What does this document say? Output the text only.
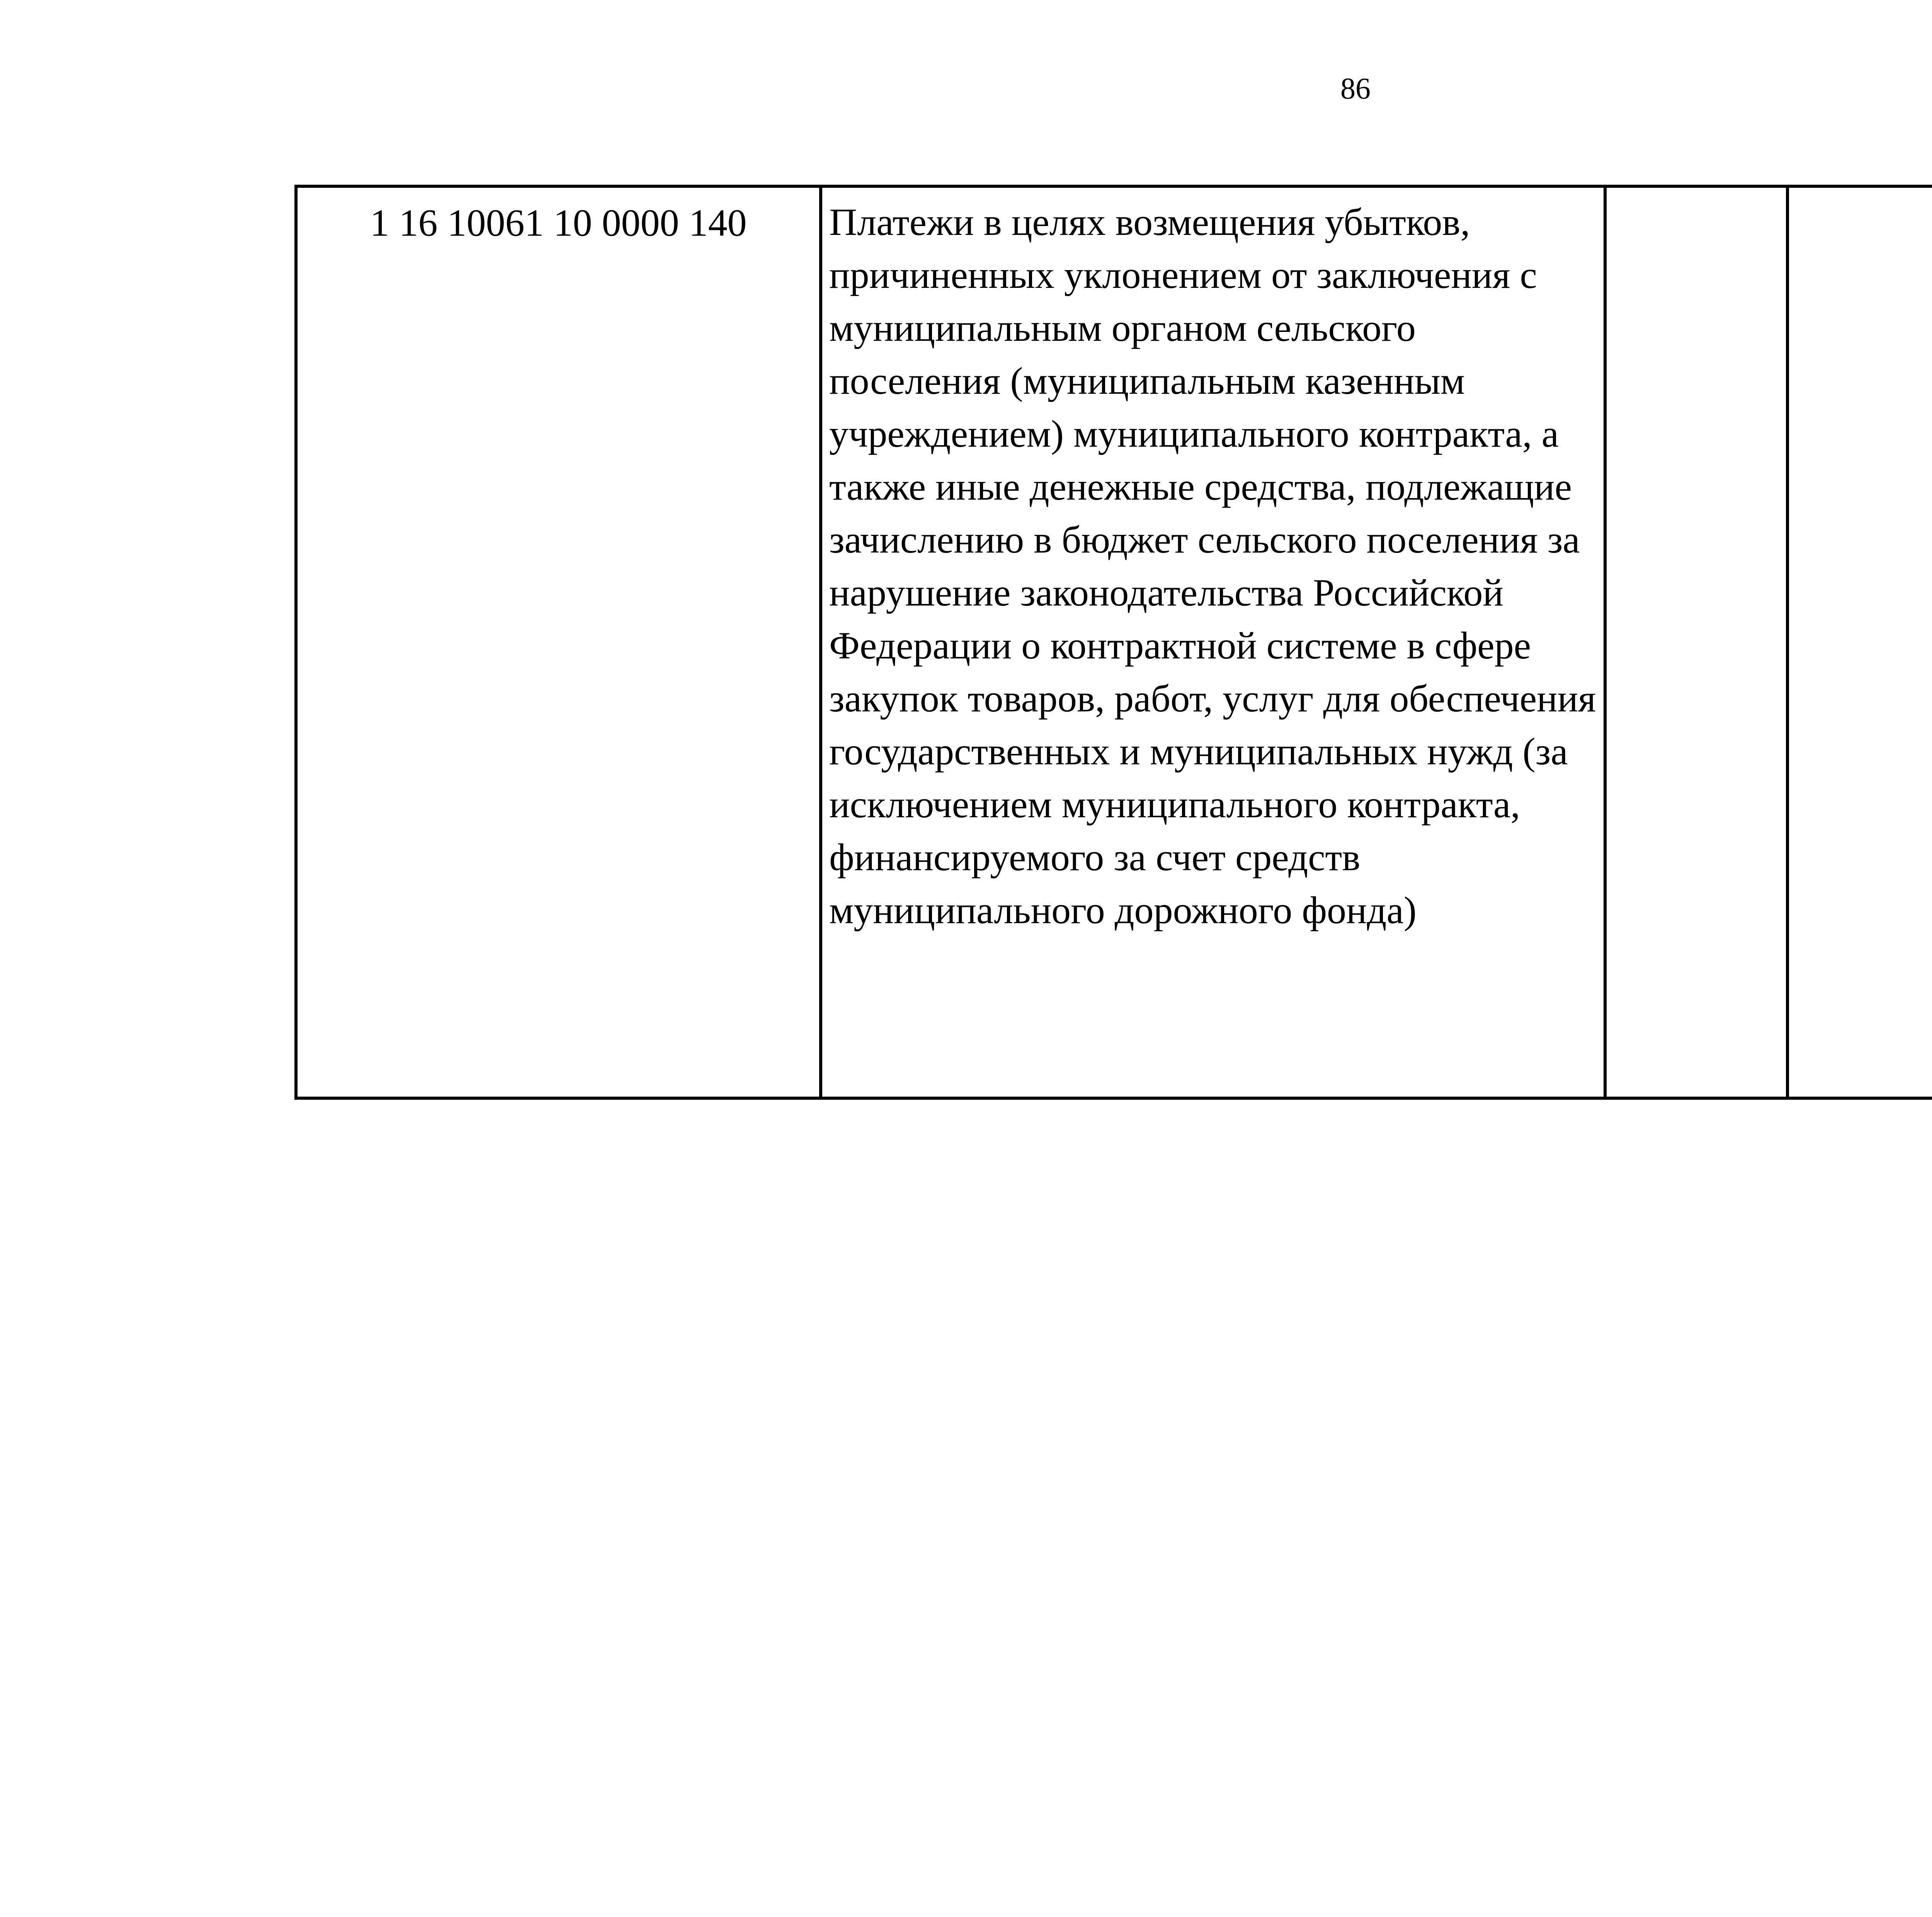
86
1 16 10061 10 0000 140	Платежи в целях возмещения убытков, причиненных уклонением от заключения с муниципальным органом сельского поселения (муниципальным казенным учреждением) муниципального контракта, а также иные денежные средства, подлежащие зачислению в бюджет сельского поселения за нарушение законодательства Российской Федерации о контрактной системе в сфере закупок товаров, работ, услуг для обеспечения государственных и муниципальных нужд (за исключением муниципального контракта, финансируемого за счет средств муниципального дорожного фонда)					
